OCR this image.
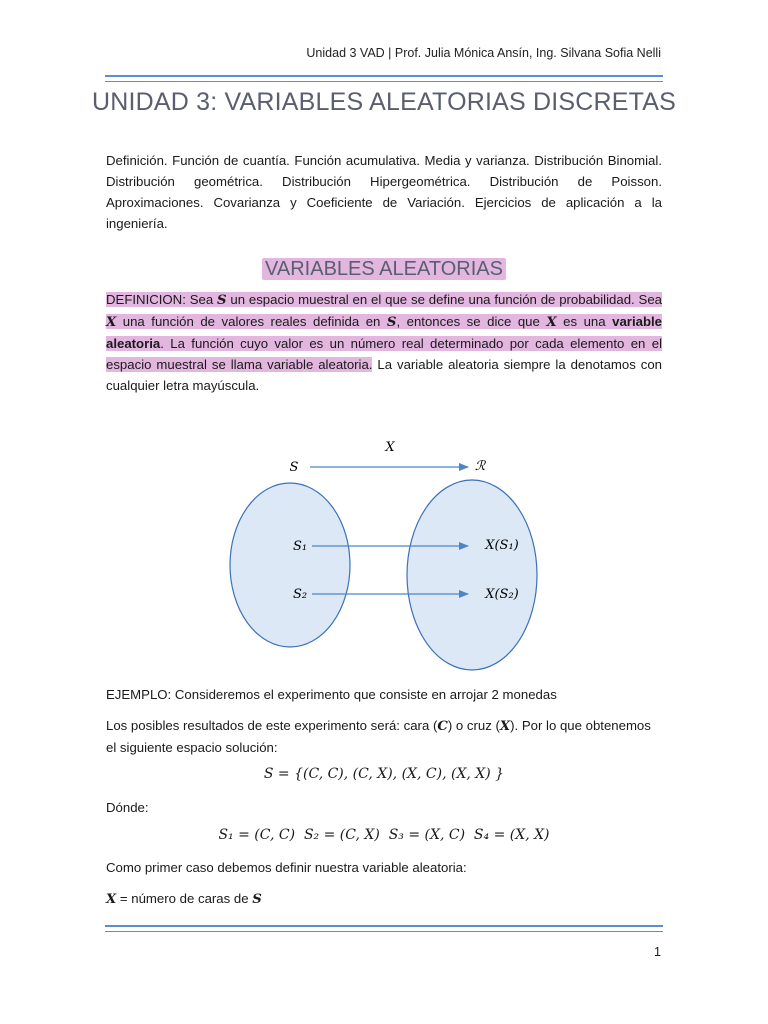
Unidad 3 VAD | Prof. Julia Mónica Ansín, Ing. Silvana Sofia Nelli
UNIDAD 3: VARIABLES ALEATORIAS DISCRETAS
Definición. Función de cuantía. Función acumulativa. Media y varianza. Distribución Binomial. Distribución geométrica. Distribución Hipergeométrica. Distribución de Poisson. Aproximaciones. Covarianza y Coeficiente de Variación. Ejercicios de aplicación a la ingeniería.
VARIABLES ALEATORIAS
DEFINICION: Sea S un espacio muestral en el que se define una función de probabilidad. Sea X una función de valores reales definida en S, entonces se dice que X es una variable aleatoria. La función cuyo valor es un número real determinado por cada elemento en el espacio muestral se llama variable aleatoria. La variable aleatoria siempre la denotamos con cualquier letra mayúscula.
X
S	ℛ
S₁
S₂
X(S₁)
X(S₂)
EJEMPLO: Consideremos el experimento que consiste en arrojar 2 monedas
Los posibles resultados de este experimento será: cara (C) o cruz (X). Por lo que obtenemos el siguiente espacio solución:
S = {(C, C), (C, X), (X, C), (X, X) }
Dónde:
S₁ = (C, C)  S₂ = (C, X)  S₃ = (X, C)  S₄ = (X, X)
Como primer caso debemos definir nuestra variable aleatoria:
X = número de caras de S
1
